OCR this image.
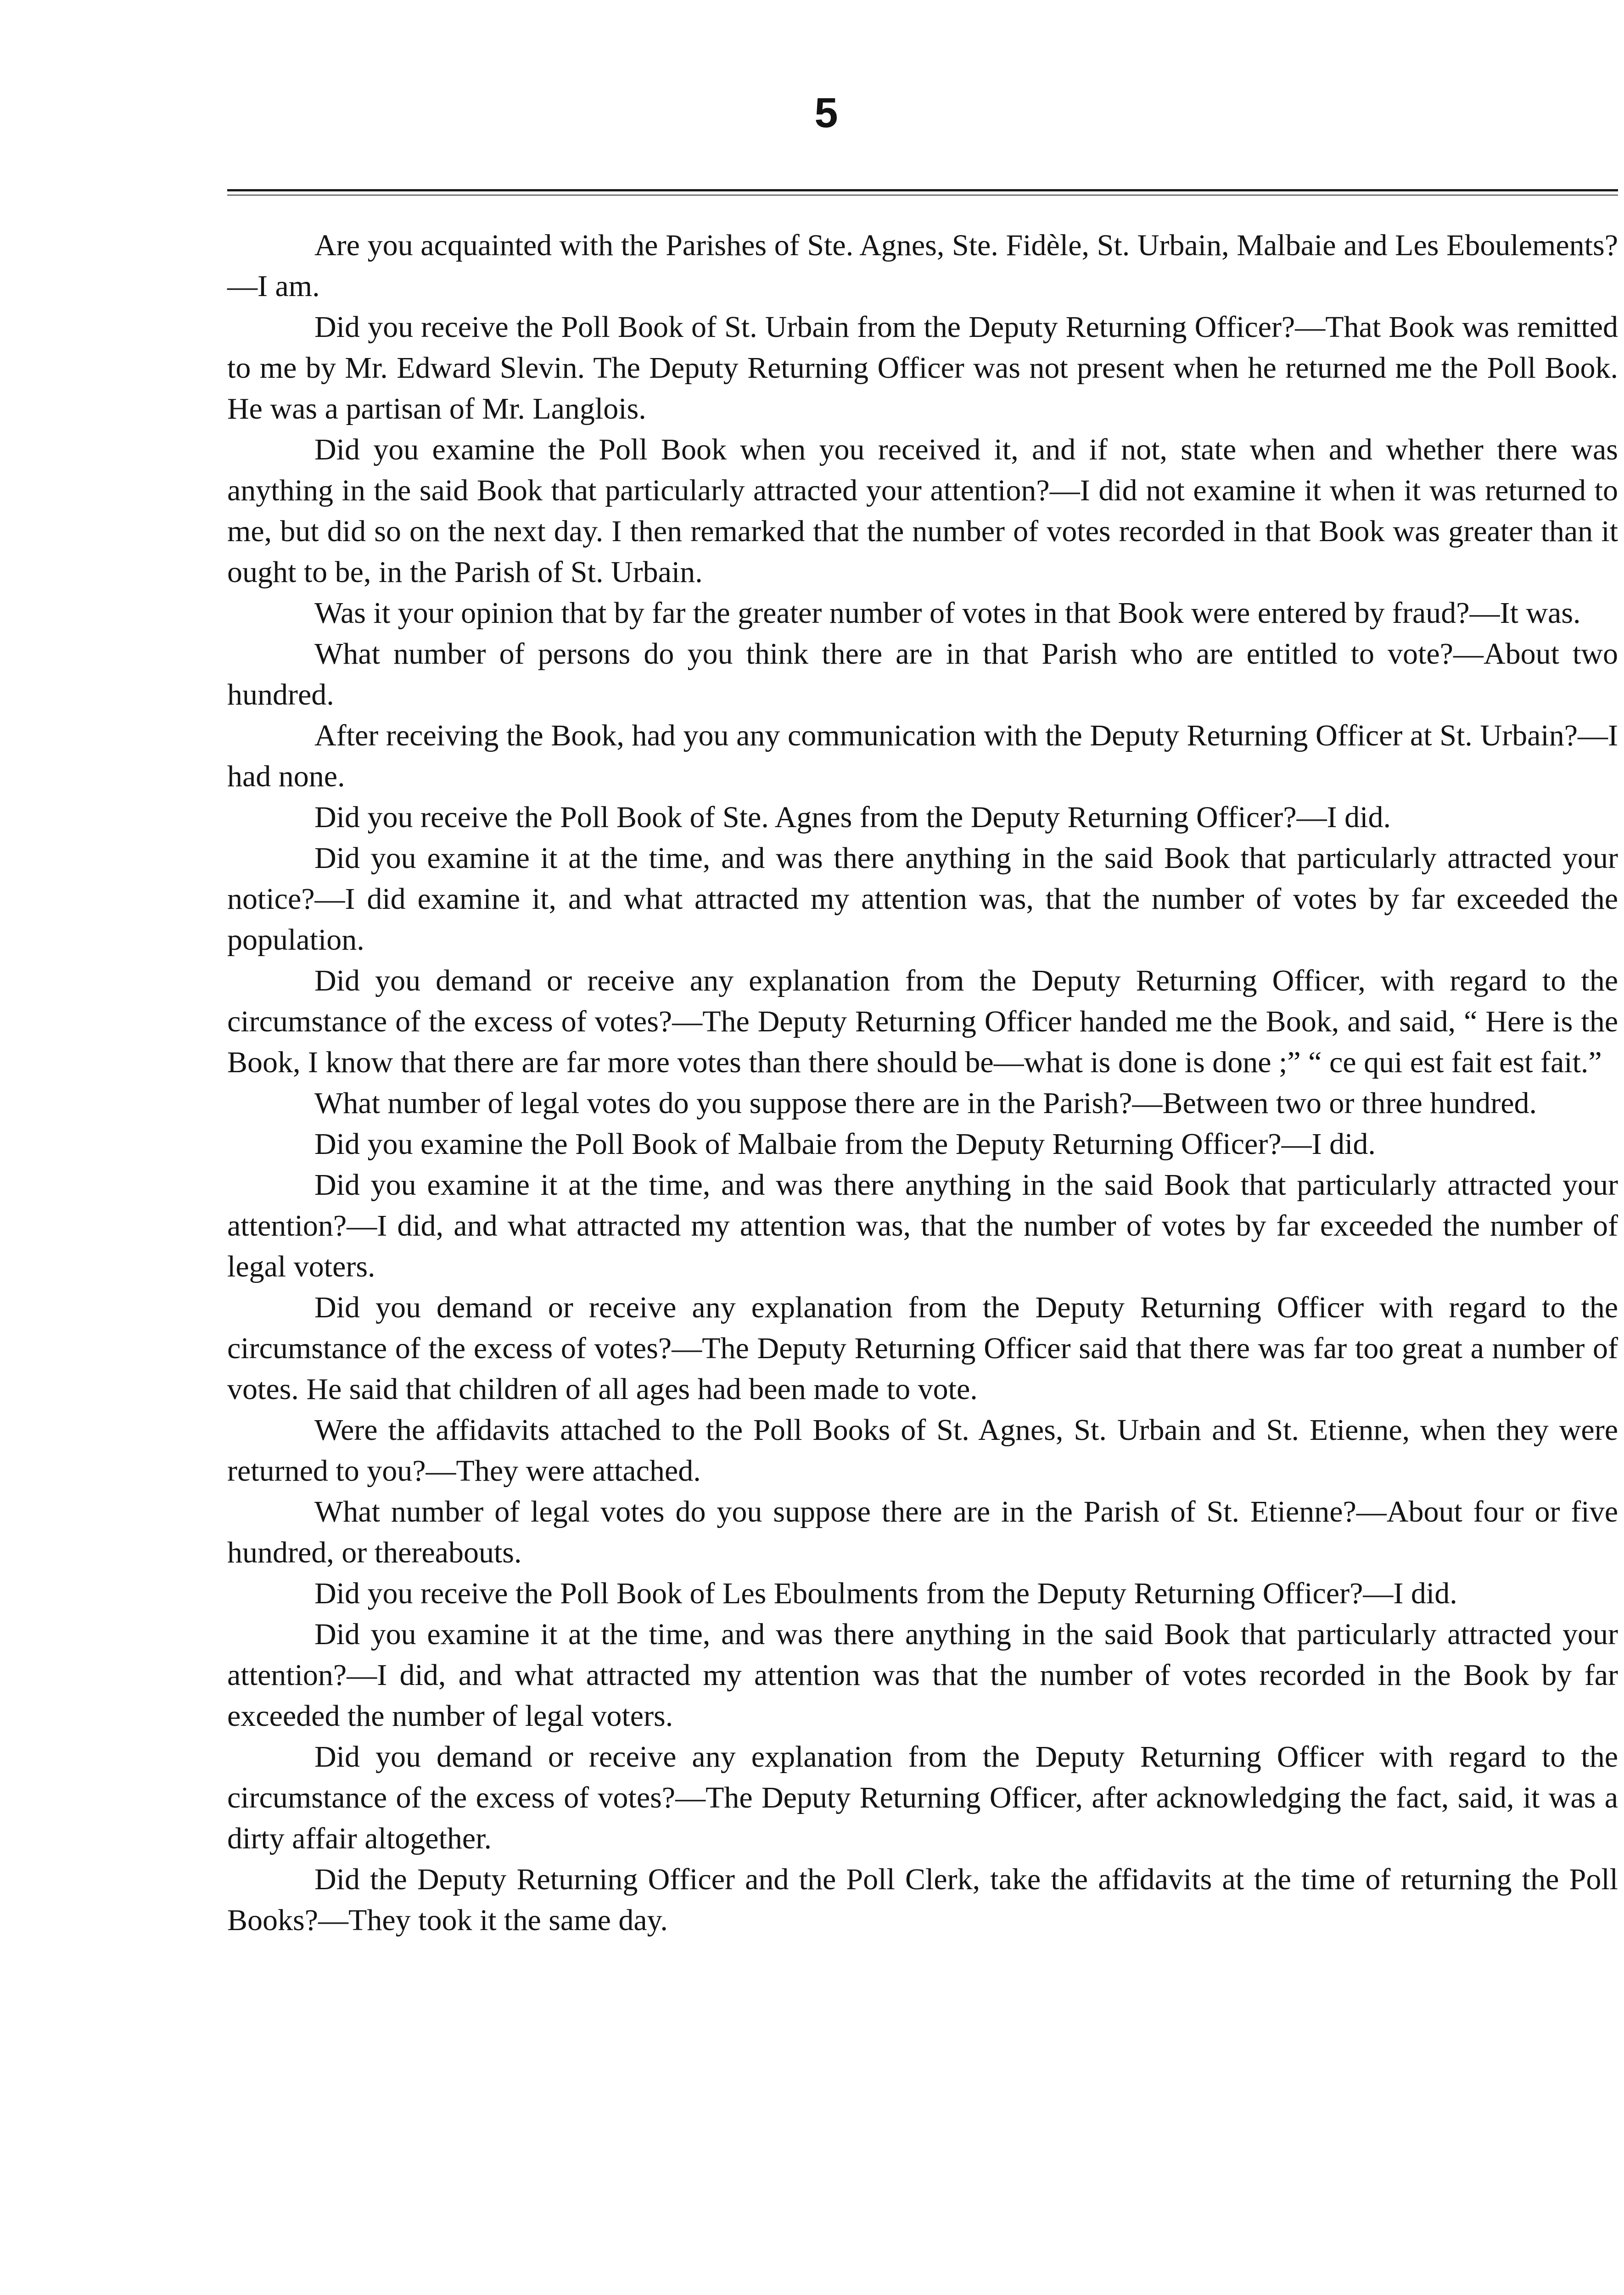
5

Are you acquainted with the Parishes of Ste. Agnes, Ste. Fidèle, St. Urbain, Malbaie and Les Eboulements?—I am.

Did you receive the Poll Book of St. Urbain from the Deputy Returning Officer?—That Book was remitted to me by Mr. Edward Slevin. The Deputy Returning Officer was not present when he returned me the Poll Book. He was a partisan of Mr. Langlois.

Did you examine the Poll Book when you received it, and if not, state when and whether there was anything in the said Book that particularly attracted your attention?—I did not examine it when it was returned to me, but did so on the next day. I then remarked that the number of votes recorded in that Book was greater than it ought to be, in the Parish of St. Urbain.

Was it your opinion that by far the greater number of votes in that Book were entered by fraud?—It was.

What number of persons do you think there are in that Parish who are entitled to vote?—About two hundred.

After receiving the Book, had you any communication with the Deputy Returning Officer at St. Urbain?—I had none.

Did you receive the Poll Book of Ste. Agnes from the Deputy Returning Officer?—I did.

Did you examine it at the time, and was there anything in the said Book that particularly attracted your notice?—I did examine it, and what attracted my attention was, that the number of votes by far exceeded the population.

Did you demand or receive any explanation from the Deputy Returning Officer, with regard to the circumstance of the excess of votes?—The Deputy Returning Officer handed me the Book, and said, “ Here is the Book, I know that there are far more votes than there should be—what is done is done ;” “ ce qui est fait est fait.”

What number of legal votes do you suppose there are in the Parish?—Between two or three hundred.

Did you examine the Poll Book of Malbaie from the Deputy Returning Officer?—I did.

Did you examine it at the time, and was there anything in the said Book that particularly attracted your attention?—I did, and what attracted my attention was, that the number of votes by far exceeded the number of legal voters.

Did you demand or receive any explanation from the Deputy Returning Officer with regard to the circumstance of the excess of votes?—The Deputy Returning Officer said that there was far too great a number of votes. He said that children of all ages had been made to vote.

Were the affidavits attached to the Poll Books of St. Agnes, St. Urbain and St. Etienne, when they were returned to you?—They were attached.

What number of legal votes do you suppose there are in the Parish of St. Etienne?—About four or five hundred, or thereabouts.

Did you receive the Poll Book of Les Eboulments from the Deputy Returning Officer?—I did.

Did you examine it at the time, and was there anything in the said Book that particularly attracted your attention?—I did, and what attracted my attention was that the number of votes recorded in the Book by far exceeded the number of legal voters.

Did you demand or receive any explanation from the Deputy Returning Officer with regard to the circumstance of the excess of votes?—The Deputy Returning Officer, after acknowledging the fact, said, it was a dirty affair altogether.

Did the Deputy Returning Officer and the Poll Clerk, take the affidavits at the time of returning the Poll Books?—They took it the same day.
